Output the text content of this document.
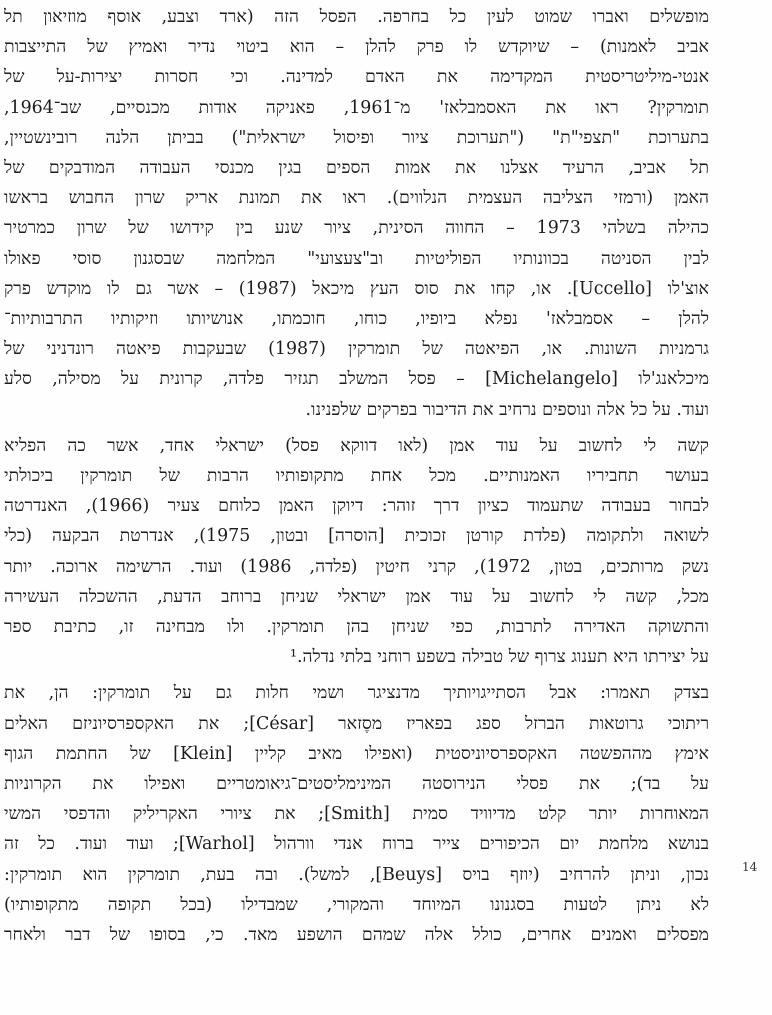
מופשלים ואברו שמוט לעין כל בחרפה. הפסל הזה (ארד וצבע, אוסף מוזיאון תל
אביב לאמנות) – שיוקדש לו פרק להלן – הוא ביטוי נדיר ואמיץ של התייצבות
אנטי-מיליטריסטית המקדימה את האדם למדינה. וכי חסרות יצירות-על של
תומרקין? ראו את האסמבלאז' מ־1961, פאניקה אודות מכנסיים, שב־1964,
בתערוכת "תצפי"ת" ("תערוכת ציור ופיסול ישראלית") בביתן הלנה רובינשטיין,
תל אביב, הרעיד אצלנו את אמות הספים בגין מכנסי העבודה המודבקים של
האמן (ורמזי הצליבה העצמית הנלווים). ראו את תמונת אריק שרון החבוש בראשו
כהילה בשלהי 1973 – החווה הסינית, ציור שנע בין קידושו של שרון כמרטיר
לבין הסניטה בכוונותיו הפוליטיות וב"צעצועי" המלחמה שבסגנון סוסי פאולו
אוצ'לו [Uccello]. או, קחו את סוס העץ מיכאל (1987) – אשר גם לו מוקדש פרק
להלן – אסמבלאז' נפלא ביופיו, כוחו, חוכמתו, אנושיותו וזיקותיו התרבותיות־
גרמניות השונות. או, הפיאטה של תומרקין (1987) שבעקבות פיאטה רונדניני של
מיכלאנג'לו [Michelangelo] – פסל המשלב תגזיר פלדה, קרונית על מסילה, סלע
ועוד. על כל אלה ונוספים נרחיב את הדיבור בפרקים שלפנינו.

קשה לי לחשוב על עוד אמן (לאו דווקא פסל) ישראלי אחד, אשר כה הפליא
בעושר תחביריו האמנותיים. מכל אחת מתקופותיו הרבות של תומרקין ביכולתי
לבחור בעבודה שתעמוד כציון דרך זוהר: דיוקן האמן כלוחם צעיר (1966), האנדרטה
לשואה ולתקומה (פלדת קורטן זכוכית [הוסרה] ובטון, 1975), אנדרטת הבקעה (כלי
נשק מרותכים, בטון, 1972), קרני חיטין (פלדה, 1986) ועוד. הרשימה ארוכה. יותר
מכל, קשה לי לחשוב על עוד אמן ישראלי שניחן ברוחב הדעת, ההשכלה העשירה
והתשוקה האדירה לתרבות, כפי שניחן בהן תומרקין. ולו מבחינה זו, כתיבת ספר
על יצירתו היא תענוג צרוף של טבילה בשפע רוחני בלתי נדלה.¹

בצדק תאמרו: אבל הסתייגויותיך מדנציגר ושמי חלות גם על תומרקין: הן, את
ריתוכי גרוטאות הברזל ספג בפאריז מסֶזאר [César]; את האקספרסיוניזם האלים
אימץ מההפשטה האקספרסיוניסטית (ואפילו מאיב קליין [Klein] של החתמת הגוף
על בד); את פסלי הנירוסטה המינימליסטים־גיאומטריים ואפילו את הקרוניות
המאוחרות יותר קלט מדיוויד סמית [Smith]; את ציורי האקריליק והדפסי המשי
בנושא מלחמת יום הכיפורים צייר ברוח אנדי וורהול [Warhol]; ועוד ועוד. כל זה
נכון, וניתן להרחיב (יוזף בויס [Beuys], למשל). ובה בעת, תומרקין הוא תומרקין:
לא ניתן לטעות בסגנונו המיוחד והמקורי, שמבדילו (בכל תקופה מתקופותיו)
מפסלים ואמנים אחרים, כולל אלה שמהם הושפע מאד. כי, בסופו של דבר ולאחר

14
